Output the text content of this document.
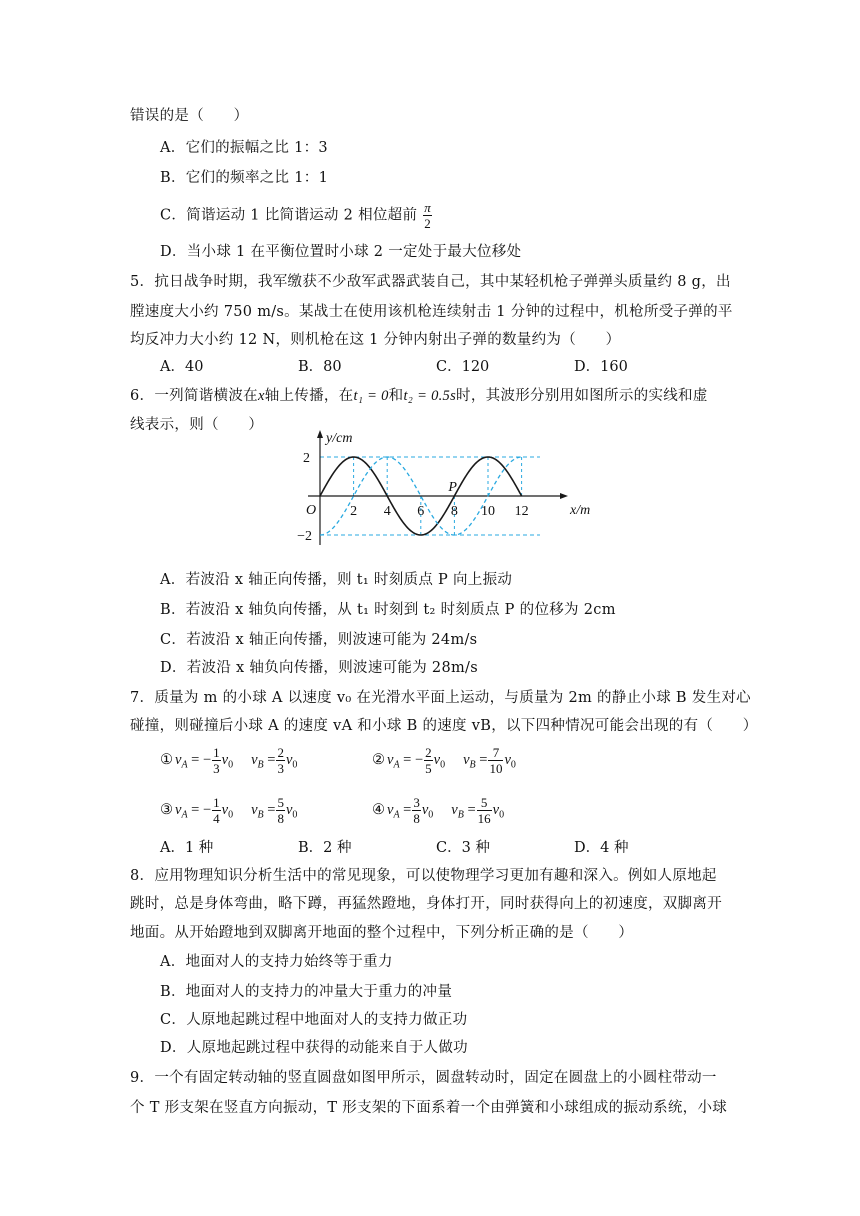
错误的是（　　）
A．它们的振幅之比 1：3
B．它们的频率之比 1：1
C．简谐运动 1 比简谐运动 2 相位超前 $\frac{\pi}{2}$
D．当小球 1 在平衡位置时小球 2 一定处于最大位移处
5．抗日战争时期，我军缴获不少敌军武器武装自己，其中某轻机枪子弹弹头质量约 8 g，出
膛速度大小约 750 m/s。某战士在使用该机枪连续射击 1 分钟的过程中，机枪所受子弹的平
均反冲力大小约 12 N，则机枪在这 1 分钟内射出子弹的数量约为（　　）
A．40	B．80	C．120	D．160
6．一列简谐横波在x轴上传播，在t₁ = 0和t₂ = 0.5s时，其波形分别用如图所示的实线和虚
线表示，则（　　）
2 4 6 8 10 12
2
−2
O
P
x/m
y/cm
A．若波沿 x 轴正向传播，则 t₁ 时刻质点 P 向上振动
B．若波沿 x 轴负向传播，从 t₁ 时刻到 t₂ 时刻质点 P 的位移为 2cm
C．若波沿 x 轴正向传播，则波速可能为 24m/s
D．若波沿 x 轴负向传播，则波速可能为 28m/s
7．质量为 m 的小球 A 以速度 v₀ 在光滑水平面上运动，与质量为 2m 的静止小球 B 发生对心
碰撞，则碰撞后小球 A 的速度 vA 和小球 B 的速度 vB，以下四种情况可能会出现的有（　　）
① $v_A$ = − $\frac{1}{3} v_0$ $v_B = \frac{2}{3} v_0$	② $v_A$ = − $\frac{2}{5} v_0$ $v_B = \frac{7}{10} v_0$
③ $v_A$ = − $\frac{1}{4} v_0$ $v_B = \frac{5}{8} v_0$	④ $v_A = \frac{3}{8} v_0$ $v_B = \frac{5}{16} v_0$
A．1 种	B．2 种	C．3 种	D．4 种
8．应用物理知识分析生活中的常见现象，可以使物理学习更加有趣和深入。例如人原地起
跳时，总是身体弯曲，略下蹲，再猛然蹬地，身体打开，同时获得向上的初速度，双脚离开
地面。从开始蹬地到双脚离开地面的整个过程中，下列分析正确的是（　　）
A．地面对人的支持力始终等于重力
B．地面对人的支持力的冲量大于重力的冲量
C．人原地起跳过程中地面对人的支持力做正功
D．人原地起跳过程中获得的动能来自于人做功
9．一个有固定转动轴的竖直圆盘如图甲所示，圆盘转动时，固定在圆盘上的小圆柱带动一
个 T 形支架在竖直方向振动，T 形支架的下面系着一个由弹簧和小球组成的振动系统，小球
